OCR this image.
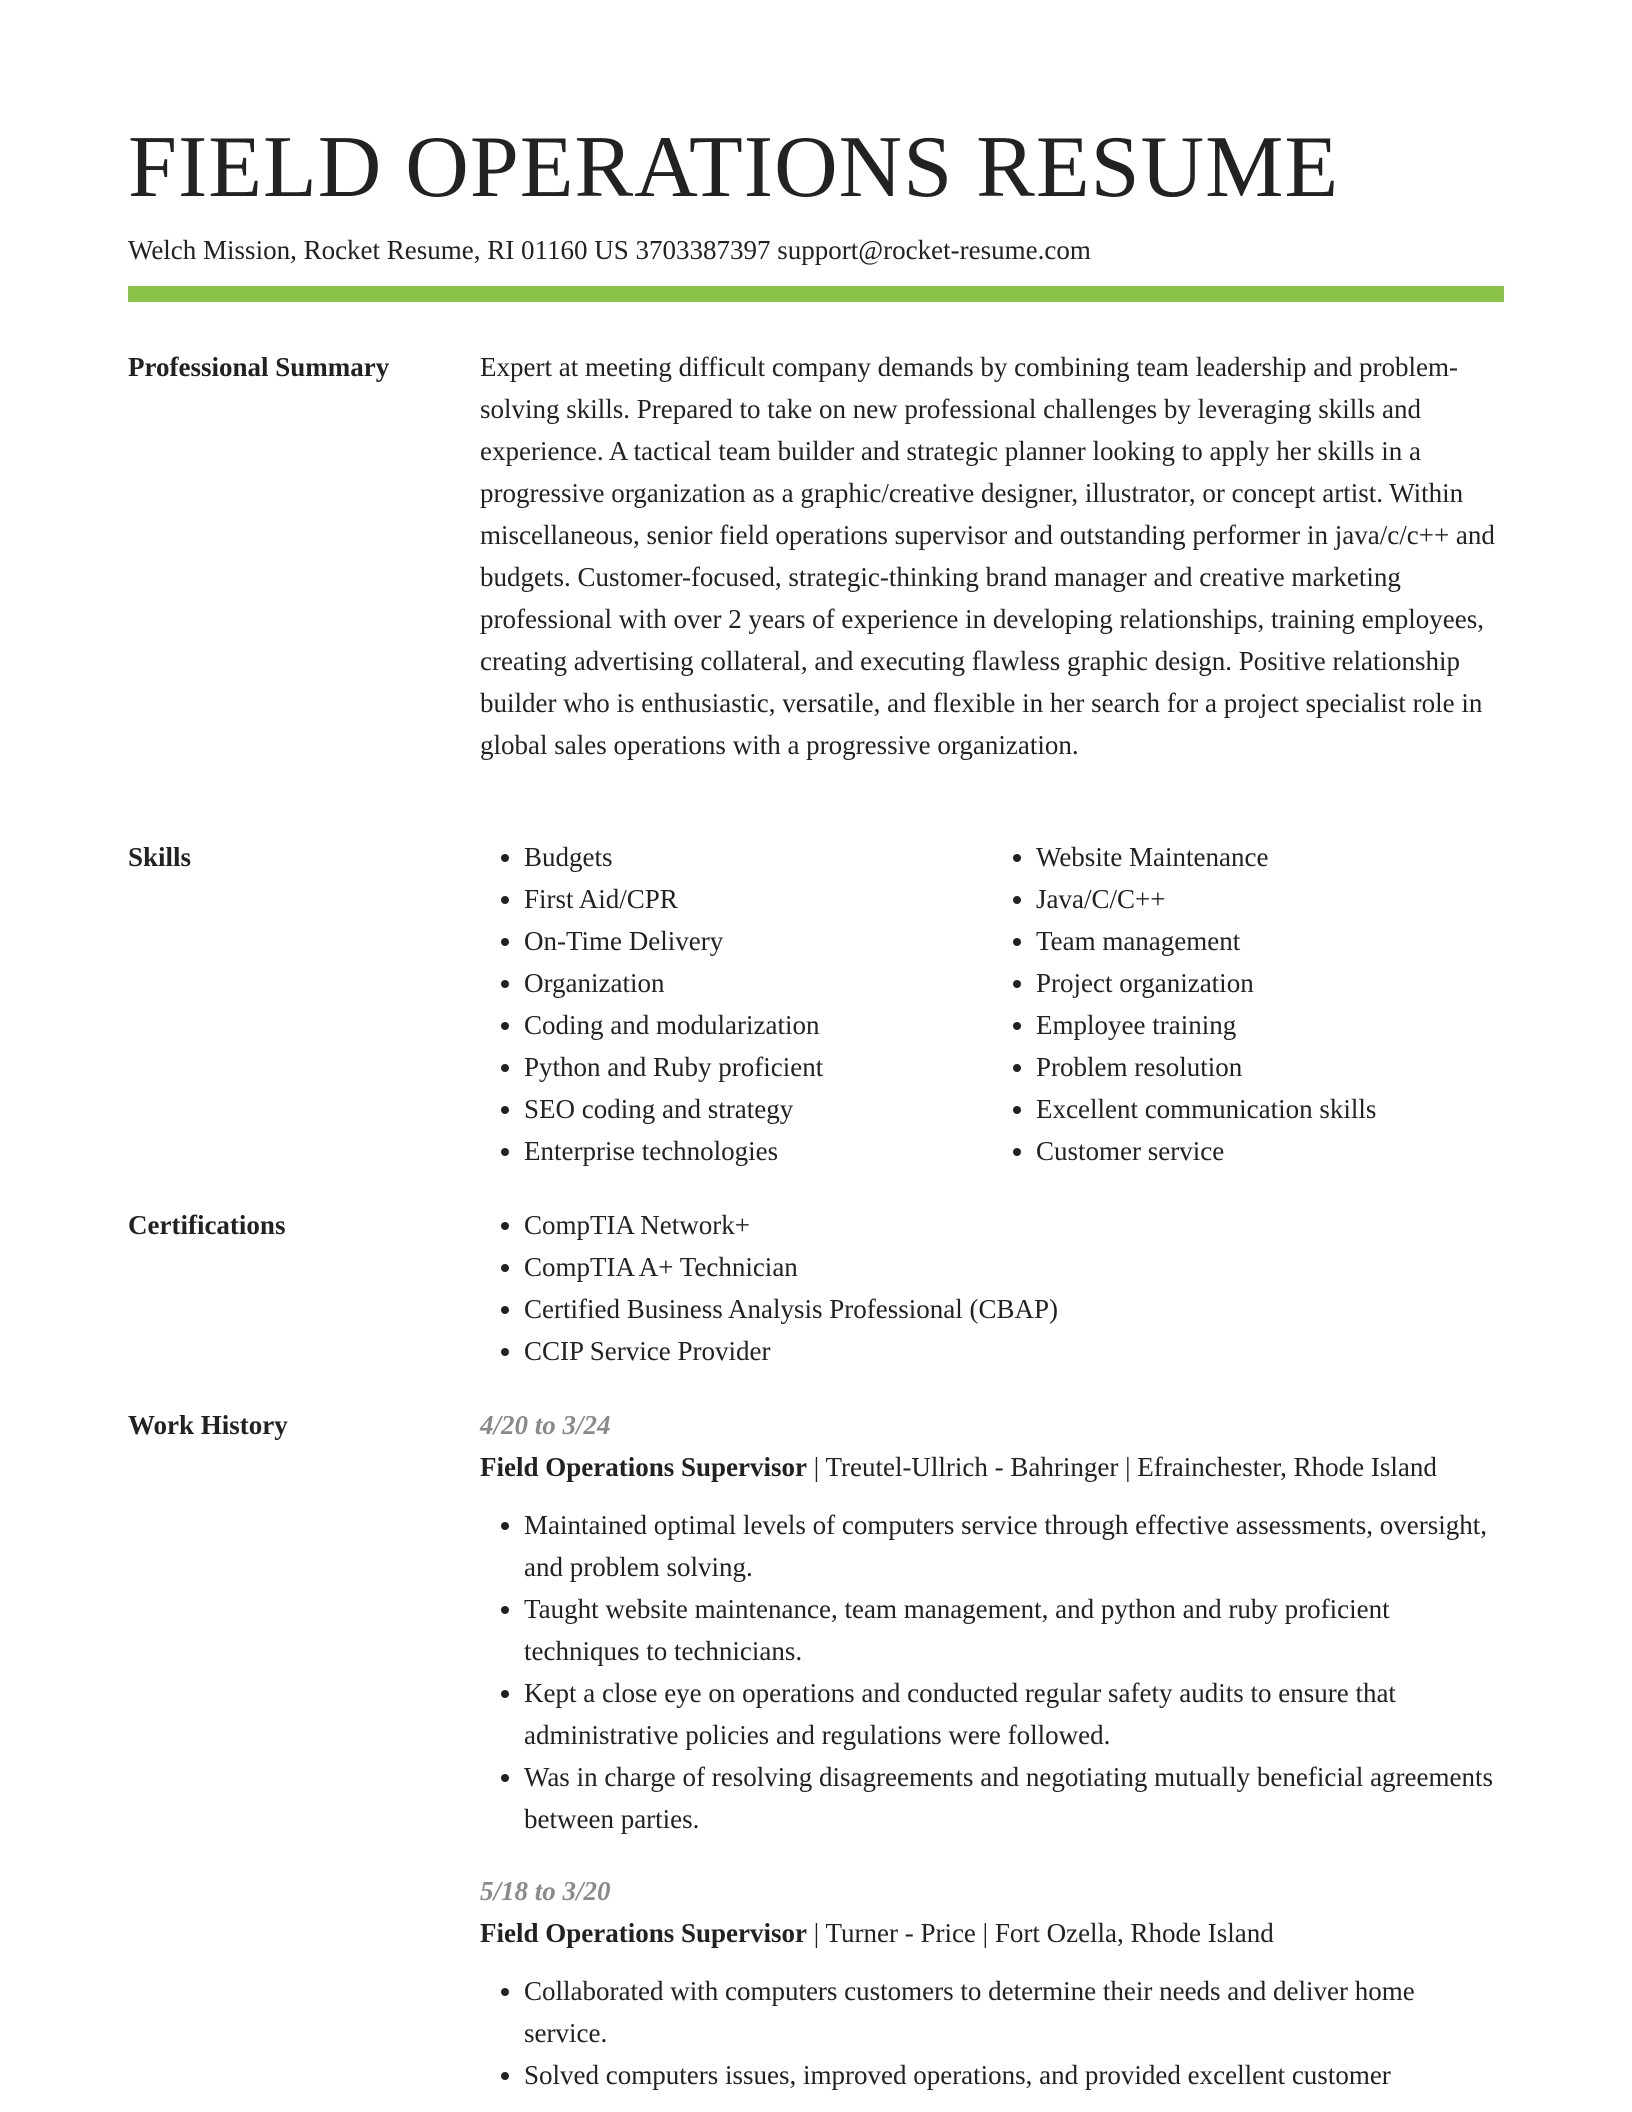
FIELD OPERATIONS RESUME
Welch Mission, Rocket Resume, RI 01160 US 3703387397 support@rocket-resume.com
Professional Summary	Expert at meeting difficult company demands by combining team leadership and problem-solving skills. Prepared to take on new professional challenges by leveraging skills and experience. A tactical team builder and strategic planner looking to apply her skills in a progressive organization as a graphic/creative designer, illustrator, or concept artist. Within miscellaneous, senior field operations supervisor and outstanding performer in java/c/c++ and budgets. Customer-focused, strategic-thinking brand manager and creative marketing professional with over 2 years of experience in developing relationships, training employees, creating advertising collateral, and executing flawless graphic design. Positive relationship builder who is enthusiastic, versatile, and flexible in her search for a project specialist role in global sales operations with a progressive organization.

Skills	• Budgets
• First Aid/CPR
• On-Time Delivery
• Organization
• Coding and modularization
• Python and Ruby proficient
• SEO coding and strategy
• Enterprise technologies
• Website Maintenance
• Java/C/C++
• Team management
• Project organization
• Employee training
• Problem resolution
• Excellent communication skills
• Customer service
Certifications	• CompTIA Network+
• CompTIA A+ Technician
• Certified Business Analysis Professional (CBAP)
• CCIP Service Provider
Work History	4/20 to 3/24
Field Operations Supervisor | Treutel-Ullrich - Bahringer | Efrainchester, Rhode Island
• Maintained optimal levels of computers service through effective assessments, oversight, and problem solving.
• Taught website maintenance, team management, and python and ruby proficient techniques to technicians.
• Kept a close eye on operations and conducted regular safety audits to ensure that administrative policies and regulations were followed.
• Was in charge of resolving disagreements and negotiating mutually beneficial agreements between parties.
5/18 to 3/20
Field Operations Supervisor | Turner - Price | Fort Ozella, Rhode Island
• Collaborated with computers customers to determine their needs and deliver home service.
• Solved computers issues, improved operations, and provided excellent customer
